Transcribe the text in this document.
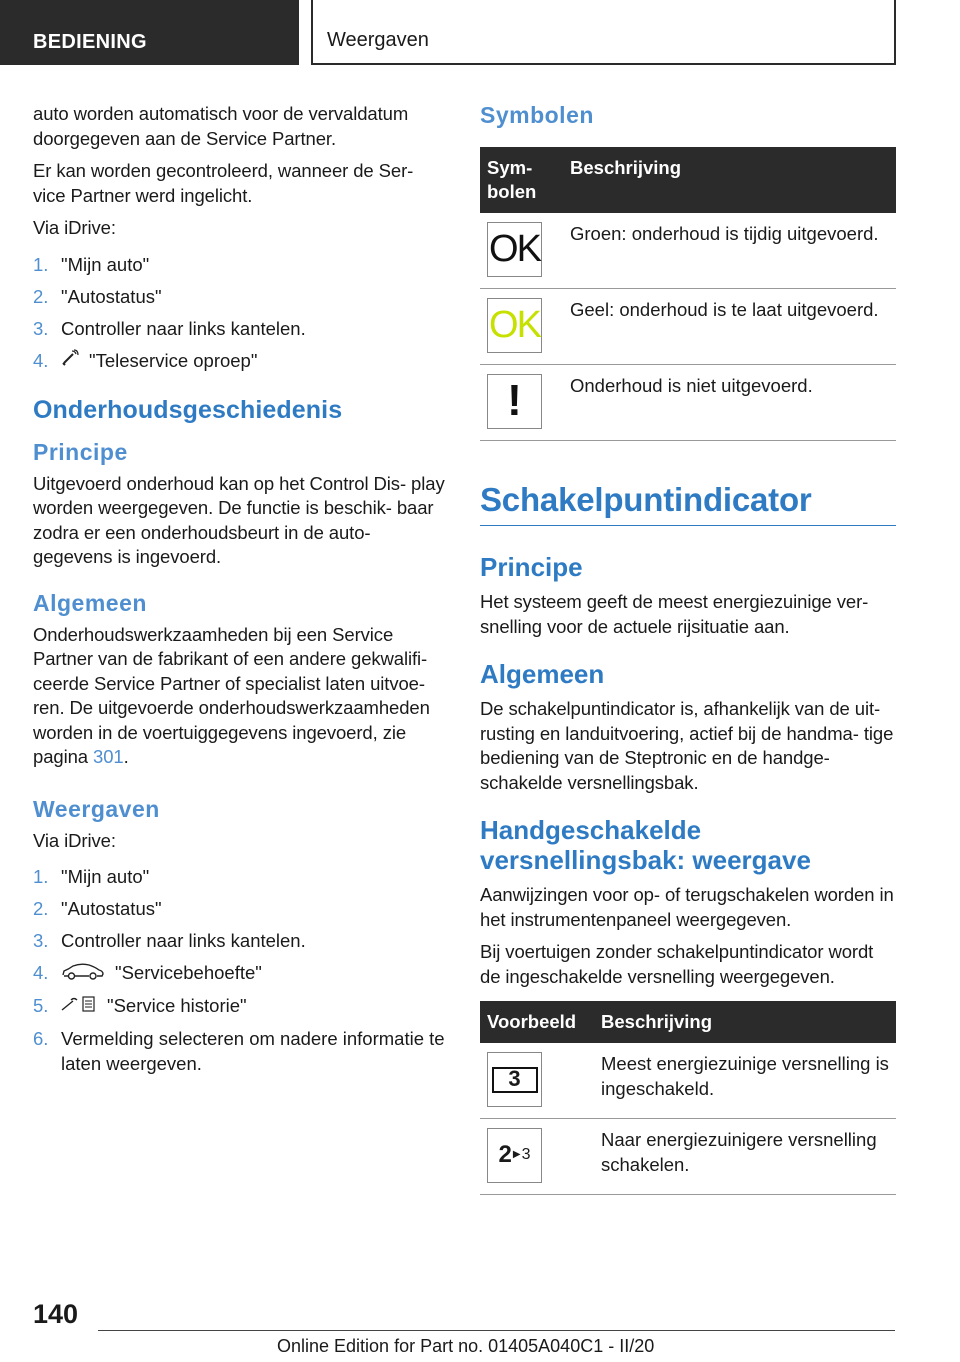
BEDIENING	Weergaven

auto worden automatisch voor de vervaldatum doorgegeven aan de Service Partner.

Er kan worden gecontroleerd, wanneer de Ser- vice Partner werd ingelicht.

Via iDrive:

1. "Mijn auto"
2. "Autostatus"
3. Controller naar links kantelen.
4. "Teleservice oproep"
Onderhoudsgeschiedenis
Principe

Uitgevoerd onderhoud kan op het Control Dis- play worden weergegeven. De functie is beschik- baar zodra er een onderhoudsbeurt in de auto- gegevens is ingevoerd.

Algemeen

Onderhoudswerkzaamheden bij een Service Partner van de fabrikant of een andere gekwalifi- ceerde Service Partner of specialist laten uitvoe- ren. De uitgevoerde onderhoudswerkzaamheden worden in de voertuiggegevens ingevoerd, zie pagina 301.

Weergaven

Via iDrive:

1. "Mijn auto"
2. "Autostatus"
3. Controller naar links kantelen.
4.	"Servicebehoefte"
5.	"Service historie"
6. Vermelding selecteren om nadere informatie te laten weergeven.
Symbolen
Sym- bolen	Beschrijving

OK	Groen: onderhoud is tijdig uitgevoerd.

OK	Geel: onderhoud is te laat uitgevoerd.

!	Onderhoud is niet uitgevoerd.
Schakelpuntindicator
Principe

Het systeem geeft de meest energiezuinige ver- snelling voor de actuele rijsituatie aan.

Algemeen

De schakelpuntindicator is, afhankelijk van de uit- rusting en landuitvoering, actief bij de handma- tige bediening van de Steptronic en de handge- schakelde versnellingsbak.

Handgeschakelde versnellingsbak: weergave

Aanwijzingen voor op- of terugschakelen worden in het instrumentenpaneel weergegeven.

Bij voertuigen zonder schakelpuntindicator wordt de ingeschakelde versnelling weergegeven.

Voorbeeld	Beschrijving

3	Meest energiezuinige versnelling is ingeschakeld.

2 ▶ 3	Naar energiezuinigere versnelling schakelen.
140
Online Edition for Part no. 01405A040C1 - II/20
